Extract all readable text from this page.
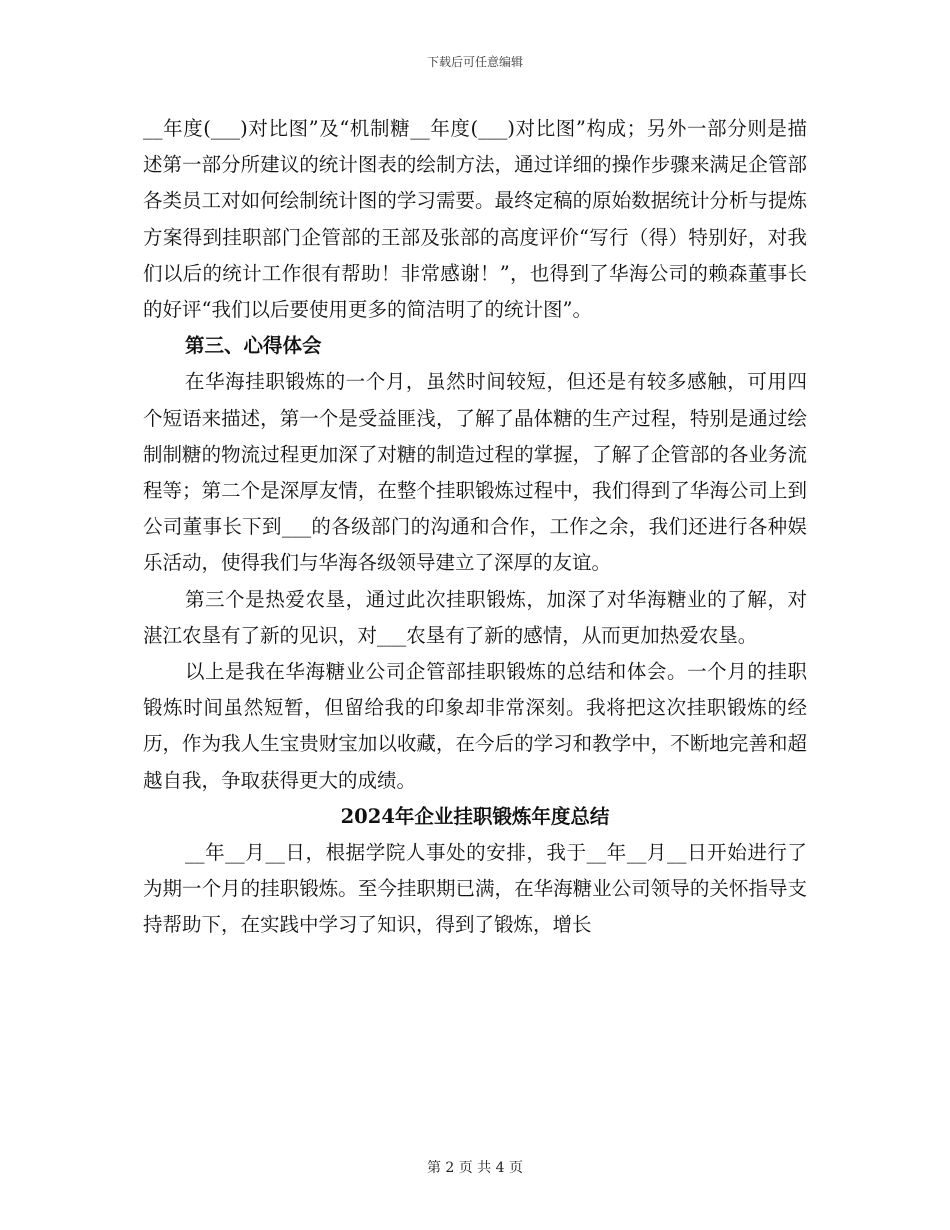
下载后可任意编辑

__年度(___)对比图”及“机制糖__年度(___)对比图”构成；另外一部分则是描述第一部分所建议的统计图表的绘制方法，通过详细的操作步骤来满足企管部各类员工对如何绘制统计图的学习需要。最终定稿的原始数据统计分析与提炼方案得到挂职部门企管部的王部及张部的高度评价“写行（得）特别好，对我们以后的统计工作很有帮助！非常感谢！”，也得到了华海公司的赖森董事长的好评“我们以后要使用更多的简洁明了的统计图”。

第三、心得体会

在华海挂职锻炼的一个月，虽然时间较短，但还是有较多感触，可用四个短语来描述，第一个是受益匪浅，了解了晶体糖的生产过程，特别是通过绘制制糖的物流过程更加深了对糖的制造过程的掌握，了解了企管部的各业务流程等；第二个是深厚友情，在整个挂职锻炼过程中，我们得到了华海公司上到公司董事长下到___的各级部门的沟通和合作，工作之余，我们还进行各种娱乐活动，使得我们与华海各级领导建立了深厚的友谊。

第三个是热爱农垦，通过此次挂职锻炼，加深了对华海糖业的了解，对湛江农垦有了新的见识，对___农垦有了新的感情，从而更加热爱农垦。

以上是我在华海糖业公司企管部挂职锻炼的总结和体会。一个月的挂职锻炼时间虽然短暂，但留给我的印象却非常深刻。我将把这次挂职锻炼的经历，作为我人生宝贵财宝加以收藏，在今后的学习和教学中，不断地完善和超越自我，争取获得更大的成绩。

2024年企业挂职锻炼年度总结

__年__月__日，根据学院人事处的安排，我于__年__月__日开始进行了为期一个月的挂职锻炼。至今挂职期已满，在华海糖业公司领导的关怀指导支持帮助下，在实践中学习了知识，得到了锻炼，增长

第 2 页 共 4 页
